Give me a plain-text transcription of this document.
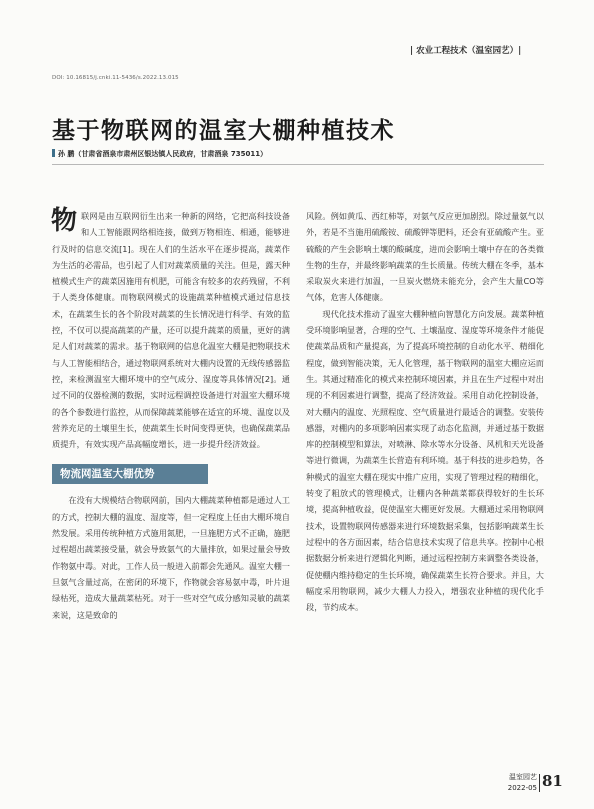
| 农业工程技术（温室园艺）|
DOI: 10.16815/j.cnki.11-5436/s.2022.13.015
基于物联网的温室大棚种植技术
孙 鹏（甘肃省酒泉市肃州区银达镇人民政府，甘肃酒泉 735011）

物联网是由互联网衍生出来一种新的网络，它把高科技设备和人工智能跟网络相连接，做到万物相连、相通，能够进行及时的信息交流[1]。现在人们的生活水平在逐步提高，蔬菜作为生活的必需品，也引起了人们对蔬菜质量的关注。但是，露天种植模式生产的蔬菜因施用有机肥，可能含有较多的农药残留，不利于人类身体健康。而物联网模式的设施蔬菜种植模式通过信息技术，在蔬菜生长的各个阶段对蔬菜的生长情况进行科学、有效的监控，不仅可以提高蔬菜的产量，还可以提升蔬菜的质量，更好的满足人们对蔬菜的需求。基于物联网的信息化温室大棚是把物联技术与人工智能相结合，通过物联网系统对大棚内设置的无线传感器监控，来检测温室大棚环境中的空气成分、湿度等具体情况[2]。通过不同的仪器检测的数据，实时远程调控设备进行对温室大棚环境的各个参数进行监控，从而保障蔬菜能够在适宜的环境、温度以及营养充足的土壤里生长，使蔬菜生长时间变得更快，也确保蔬菜品质提升，有效实现产品高幅度增长，进一步提升经济效益。

物流网温室大棚优势

在没有大规模结合物联网前，国内大棚蔬菜种植都是通过人工的方式，控制大棚的温度、湿度等，但一定程度上任由大棚环境自然发展。采用传统种植方式施用氮肥，一旦施肥方式不正确，施肥过程超出蔬菜接受量，就会导致氨气的大量排放，如果过量会导致作物氨中毒。对此，工作人员一般进入前都会先通风。温室大棚一旦氨气含量过高，在密闭的环境下，作物就会容易氨中毒，叶片退绿枯死，造成大量蔬菜枯死。对于一些对空气成分感知灵敏的蔬菜来说，这是致命的

风险。例如黄瓜、西红柿等，对氨气反应更加剧烈。除过量氨气以外，若是不当施用硫酸铵、硫酸钾等肥料，还会有亚硫酸产生。亚硫酸的产生会影响土壤的酸碱度，进而会影响土壤中存在的各类微生物的生存，并最终影响蔬菜的生长质量。传统大棚在冬季，基本采取炭火来进行加温，一旦炭火燃烧未能充分，会产生大量CO等气体，危害人体健康。

现代化技术推动了温室大棚种植向智慧化方向发展。蔬菜种植受环境影响显著，合理的空气、土壤温度、湿度等环境条件才能促使蔬菜品质和产量提高，为了提高环境控制的自动化水平、精细化程度，做到智能决策，无人化管理，基于物联网的温室大棚应运而生。其通过精准化的模式来控制环境因素，并且在生产过程中对出现的不利因素进行调整，提高了经济效益。采用自动化控制设备，对大棚内的温度、光照程度、空气质量进行最适合的调整。安装传感器，对棚内的多项影响因素实现了动态化监测，并通过基于数据库的控制模型和算法，对喷淋、除水等水分设备、风机和天光设备等进行微调，为蔬菜生长营造有利环境。基于科技的进步趋势，各种模式的温室大棚在现实中推广应用，实现了管理过程的精细化，转变了粗放式的管理模式，让棚内各种蔬菜都获得较好的生长环境，提高种植收益，促使温室大棚更好发展。大棚通过采用物联网技术，设置物联网传感器来进行环境数据采集，包括影响蔬菜生长过程中的各方面因素，结合信息技术实现了信息共享。控制中心根据数据分析来进行逻辑化判断，通过远程控制方来调整各类设备，促使棚内维持稳定的生长环境，确保蔬菜生长符合要求。并且，大幅度采用物联网，减少大棚人力投入，增强农业种植的现代化手段，节约成本。

温室园艺
2022-05 81
